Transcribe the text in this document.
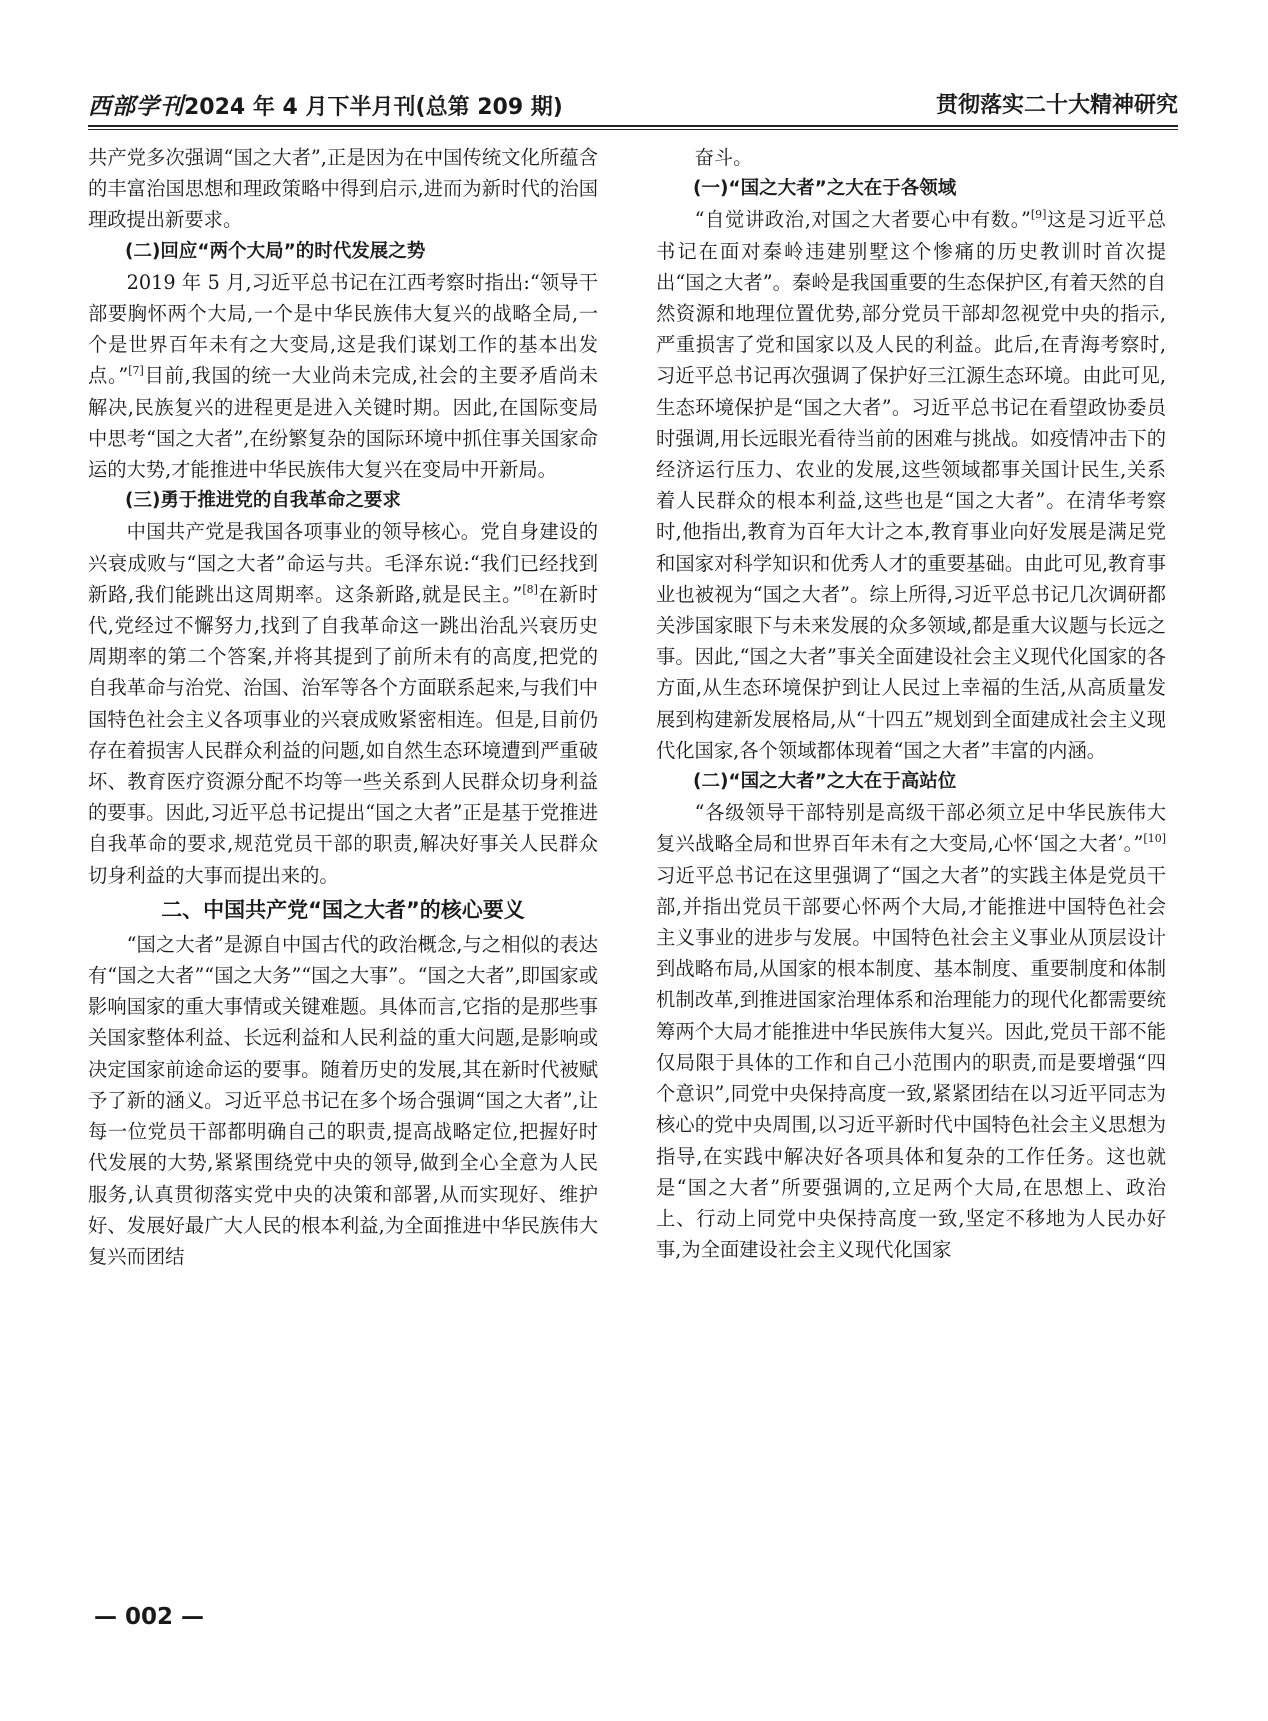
西部学刊2024 年 4 月下半月刊(总第 209 期)	贯彻落实二十大精神研究

共产党多次强调“国之大者”,正是因为在中国传统文化所蕴含的丰富治国思想和理政策略中得到启示,进而为新时代的治国理政提出新要求。

(二)回应“两个大局”的时代发展之势

2019 年 5 月,习近平总书记在江西考察时指出:“领导干部要胸怀两个大局,一个是中华民族伟大复兴的战略全局,一个是世界百年未有之大变局,这是我们谋划工作的基本出发点。”[7]目前,我国的统一大业尚未完成,社会的主要矛盾尚未解决,民族复兴的进程更是进入关键时期。因此,在国际变局中思考“国之大者”,在纷繁复杂的国际环境中抓住事关国家命运的大势,才能推进中华民族伟大复兴在变局中开新局。

(三)勇于推进党的自我革命之要求

中国共产党是我国各项事业的领导核心。党自身建设的兴衰成败与“国之大者”命运与共。毛泽东说:“我们已经找到新路,我们能跳出这周期率。这条新路,就是民主。”[8]在新时代,党经过不懈努力,找到了自我革命这一跳出治乱兴衰历史周期率的第二个答案,并将其提到了前所未有的高度,把党的自我革命与治党、治国、治军等各个方面联系起来,与我们中国特色社会主义各项事业的兴衰成败紧密相连。但是,目前仍存在着损害人民群众利益的问题,如自然生态环境遭到严重破坏、教育医疗资源分配不均等一些关系到人民群众切身利益的要事。因此,习近平总书记提出“国之大者”正是基于党推进自我革命的要求,规范党员干部的职责,解决好事关人民群众切身利益的大事而提出来的。

二、中国共产党“国之大者”的核心要义

“国之大者”是源自中国古代的政治概念,与之相似的表达有“国之大者”“国之大务”“国之大事”。“国之大者”,即国家或影响国家的重大事情或关键难题。具体而言,它指的是那些事关国家整体利益、长远利益和人民利益的重大问题,是影响或决定国家前途命运的要事。随着历史的发展,其在新时代被赋予了新的涵义。习近平总书记在多个场合强调“国之大者”,让每一位党员干部都明确自己的职责,提高战略定位,把握好时代发展的大势,紧紧围绕党中央的领导,做到全心全意为人民服务,认真贯彻落实党中央的决策和部署,从而实现好、维护好、发展好最广大人民的根本利益,为全面推进中华民族伟大复兴而团结

奋斗。

(一)“国之大者”之大在于各领域

“自觉讲政治,对国之大者要心中有数。”[9]这是习近平总书记在面对秦岭违建别墅这个惨痛的历史教训时首次提出“国之大者”。秦岭是我国重要的生态保护区,有着天然的自然资源和地理位置优势,部分党员干部却忽视党中央的指示,严重损害了党和国家以及人民的利益。此后,在青海考察时,习近平总书记再次强调了保护好三江源生态环境。由此可见,生态环境保护是“国之大者”。习近平总书记在看望政协委员时强调,用长远眼光看待当前的困难与挑战。如疫情冲击下的经济运行压力、农业的发展,这些领域都事关国计民生,关系着人民群众的根本利益,这些也是“国之大者”。在清华考察时,他指出,教育为百年大计之本,教育事业向好发展是满足党和国家对科学知识和优秀人才的重要基础。由此可见,教育事业也被视为“国之大者”。综上所得,习近平总书记几次调研都关涉国家眼下与未来发展的众多领域,都是重大议题与长远之事。因此,“国之大者”事关全面建设社会主义现代化国家的各方面,从生态环境保护到让人民过上幸福的生活,从高质量发展到构建新发展格局,从“十四五”规划到全面建成社会主义现代化国家,各个领域都体现着“国之大者”丰富的内涵。

(二)“国之大者”之大在于高站位

“各级领导干部特别是高级干部必须立足中华民族伟大复兴战略全局和世界百年未有之大变局,心怀‘国之大者’。”[10]习近平总书记在这里强调了“国之大者”的实践主体是党员干部,并指出党员干部要心怀两个大局,才能推进中国特色社会主义事业的进步与发展。中国特色社会主义事业从顶层设计到战略布局,从国家的根本制度、基本制度、重要制度和体制机制改革,到推进国家治理体系和治理能力的现代化都需要统筹两个大局才能推进中华民族伟大复兴。因此,党员干部不能仅局限于具体的工作和自己小范围内的职责,而是要增强“四个意识”,同党中央保持高度一致,紧紧团结在以习近平同志为核心的党中央周围,以习近平新时代中国特色社会主义思想为指导,在实践中解决好各项具体和复杂的工作任务。这也就是“国之大者”所要强调的,立足两个大局,在思想上、政治上、行动上同党中央保持高度一致,坚定不移地为人民办好事,为全面建设社会主义现代化国家

— 002 —
